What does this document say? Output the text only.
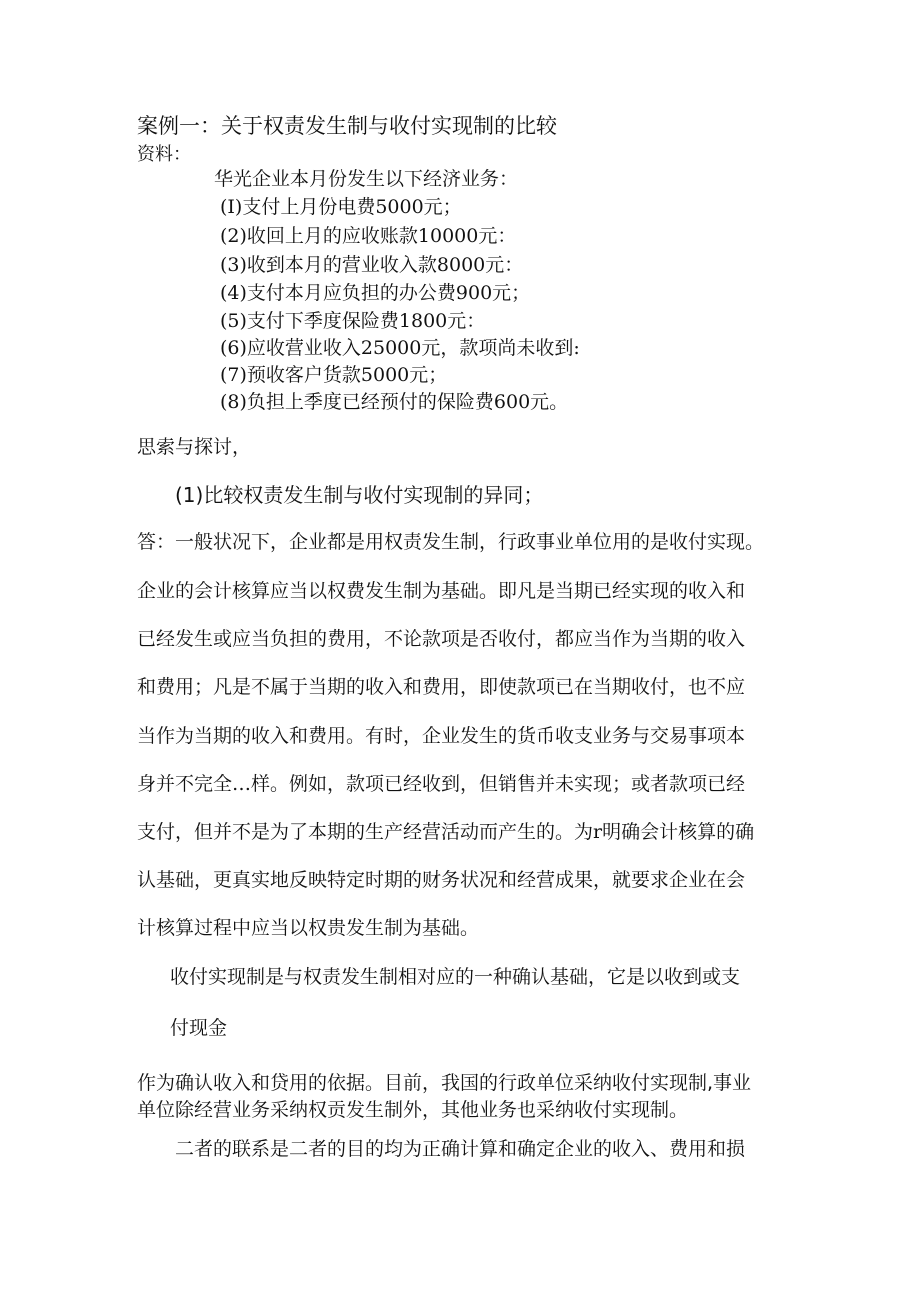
案例一：关于权责发生制与收付实现制的比较
资料：
华光企业本月份发生以下经济业务：
(I)支付上月份电费5000元；
(2)收回上月的应收账款10000元：
(3)收到本月的营业收入款8000元：
(4)支付本月应负担的办公费900元；
(5)支付下季度保险费1800元：
(6)应收营业收入25000元，款项尚未收到:
(7)预收客户货款5000元；
(8)负担上季度已经预付的保险费600元。
思索与探讨，
(1)比较权责发生制与收付实现制的异同；
答：一般状况下，企业都是用权责发生制，行政事业单位用的是收付实现。
企业的会计核算应当以权费发生制为基础。即凡是当期已经实现的收入和
已经发生或应当负担的费用，不论款项是否收付，都应当作为当期的收入
和费用；凡是不属于当期的收入和费用，即使款项已在当期收付，也不应
当作为当期的收入和费用。有时，企业发生的货币收支业务与交易事项本
身并不完全…样。例如，款项已经收到，但销售并未实现；或者款项已经
支付，但并不是为了本期的生产经营活动而产生的。为r明确会计核算的确
认基础，更真实地反映特定时期的财务状况和经营成果，就要求企业在会
计核算过程中应当以权贵发生制为基础。
收付实现制是与权责发生制相对应的一种确认基础，它是以收到或支
付现金
作为确认收入和贷用的依据。目前，我国的行政单位采纳收付实现制,事业
单位除经营业务采纳权贡发生制外，其他业务也采纳收付实现制。
二者的联系是二者的目的均为正确计算和确定企业的收入、费用和损
